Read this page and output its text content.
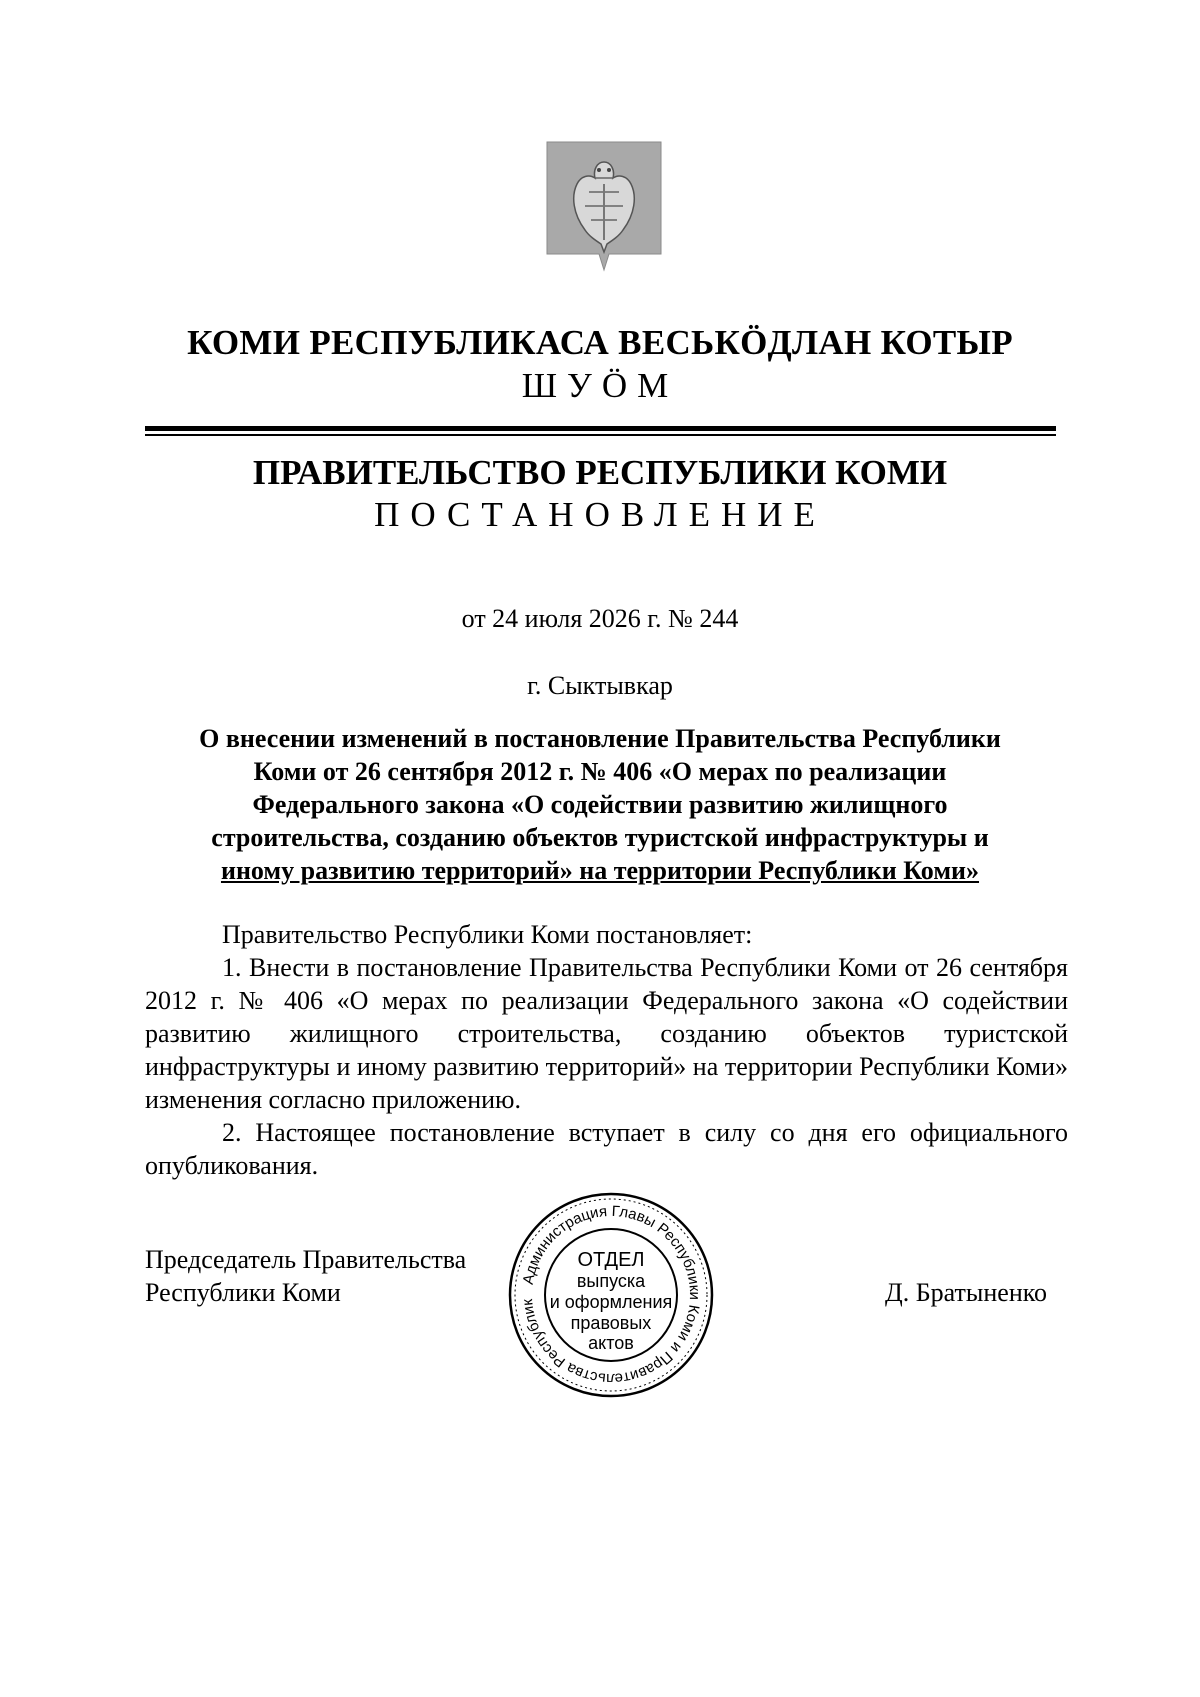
КОМИ РЕСПУБЛИКАСА ВЕСЬКӦДЛАН КОТЫР
ШУӦМ
ПРАВИТЕЛЬСТВО РЕСПУБЛИКИ КОМИ
ПОСТАНОВЛЕНИЕ
от 24 июля 2026 г. № 244
г. Сыктывкар
О внесении изменений в постановление Правительства Республики
Коми от 26 сентября 2012 г. № 406 «О мерах по реализации
Федерального закона «О содействии развитию жилищного
строительства, созданию объектов туристской инфраструктуры и
иному развитию территорий» на территории Республики Коми»

Правительство Республики Коми постановляет:

1. Внести в постановление Правительства Республики Коми от 26 сентября 2012 г. № 406 «О мерах по реализации Федерального закона «О содействии развитию жилищного строительства, созданию объектов туристской инфраструктуры и иному развитию территорий» на территории Республики Коми» изменения согласно приложению.

2. Настоящее постановление вступает в силу со дня его официального опубликования.

Председатель Правительства
Республики Коми	Администрация Главы Республики Коми и Правительства Республик
ОТДЕЛ
выпуска
и оформления
правовых
актов
Д. Братыненко
